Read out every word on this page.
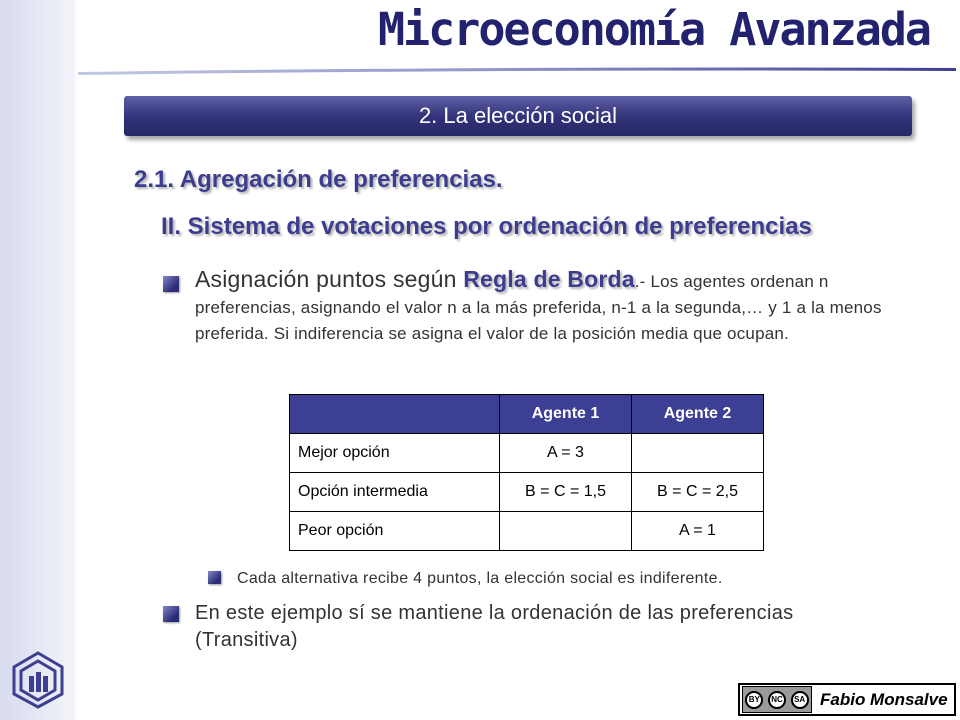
Microeconomía Avanzada
2. La elección social
2.1. Agregación de preferencias.
II. Sistema de votaciones por ordenación de preferencias
Asignación puntos según Regla de Borda.- Los agentes ordenan n preferencias, asignando el valor n a la más preferida, n-1 a la segunda,… y 1 a la menos preferida. Si indiferencia se asigna el valor de la posición media que ocupan.
	Agente 1	Agente 2
Mejor opción	A = 3	
Opción intermedia	B = C = 1,5	B = C = 2,5
Peor opción		A = 1
Cada alternativa recibe 4 puntos, la elección social es indiferente.
En este ejemplo sí se mantiene la ordenación de las preferencias (Transitiva)
BY	NC	SA Fabio Monsalve
